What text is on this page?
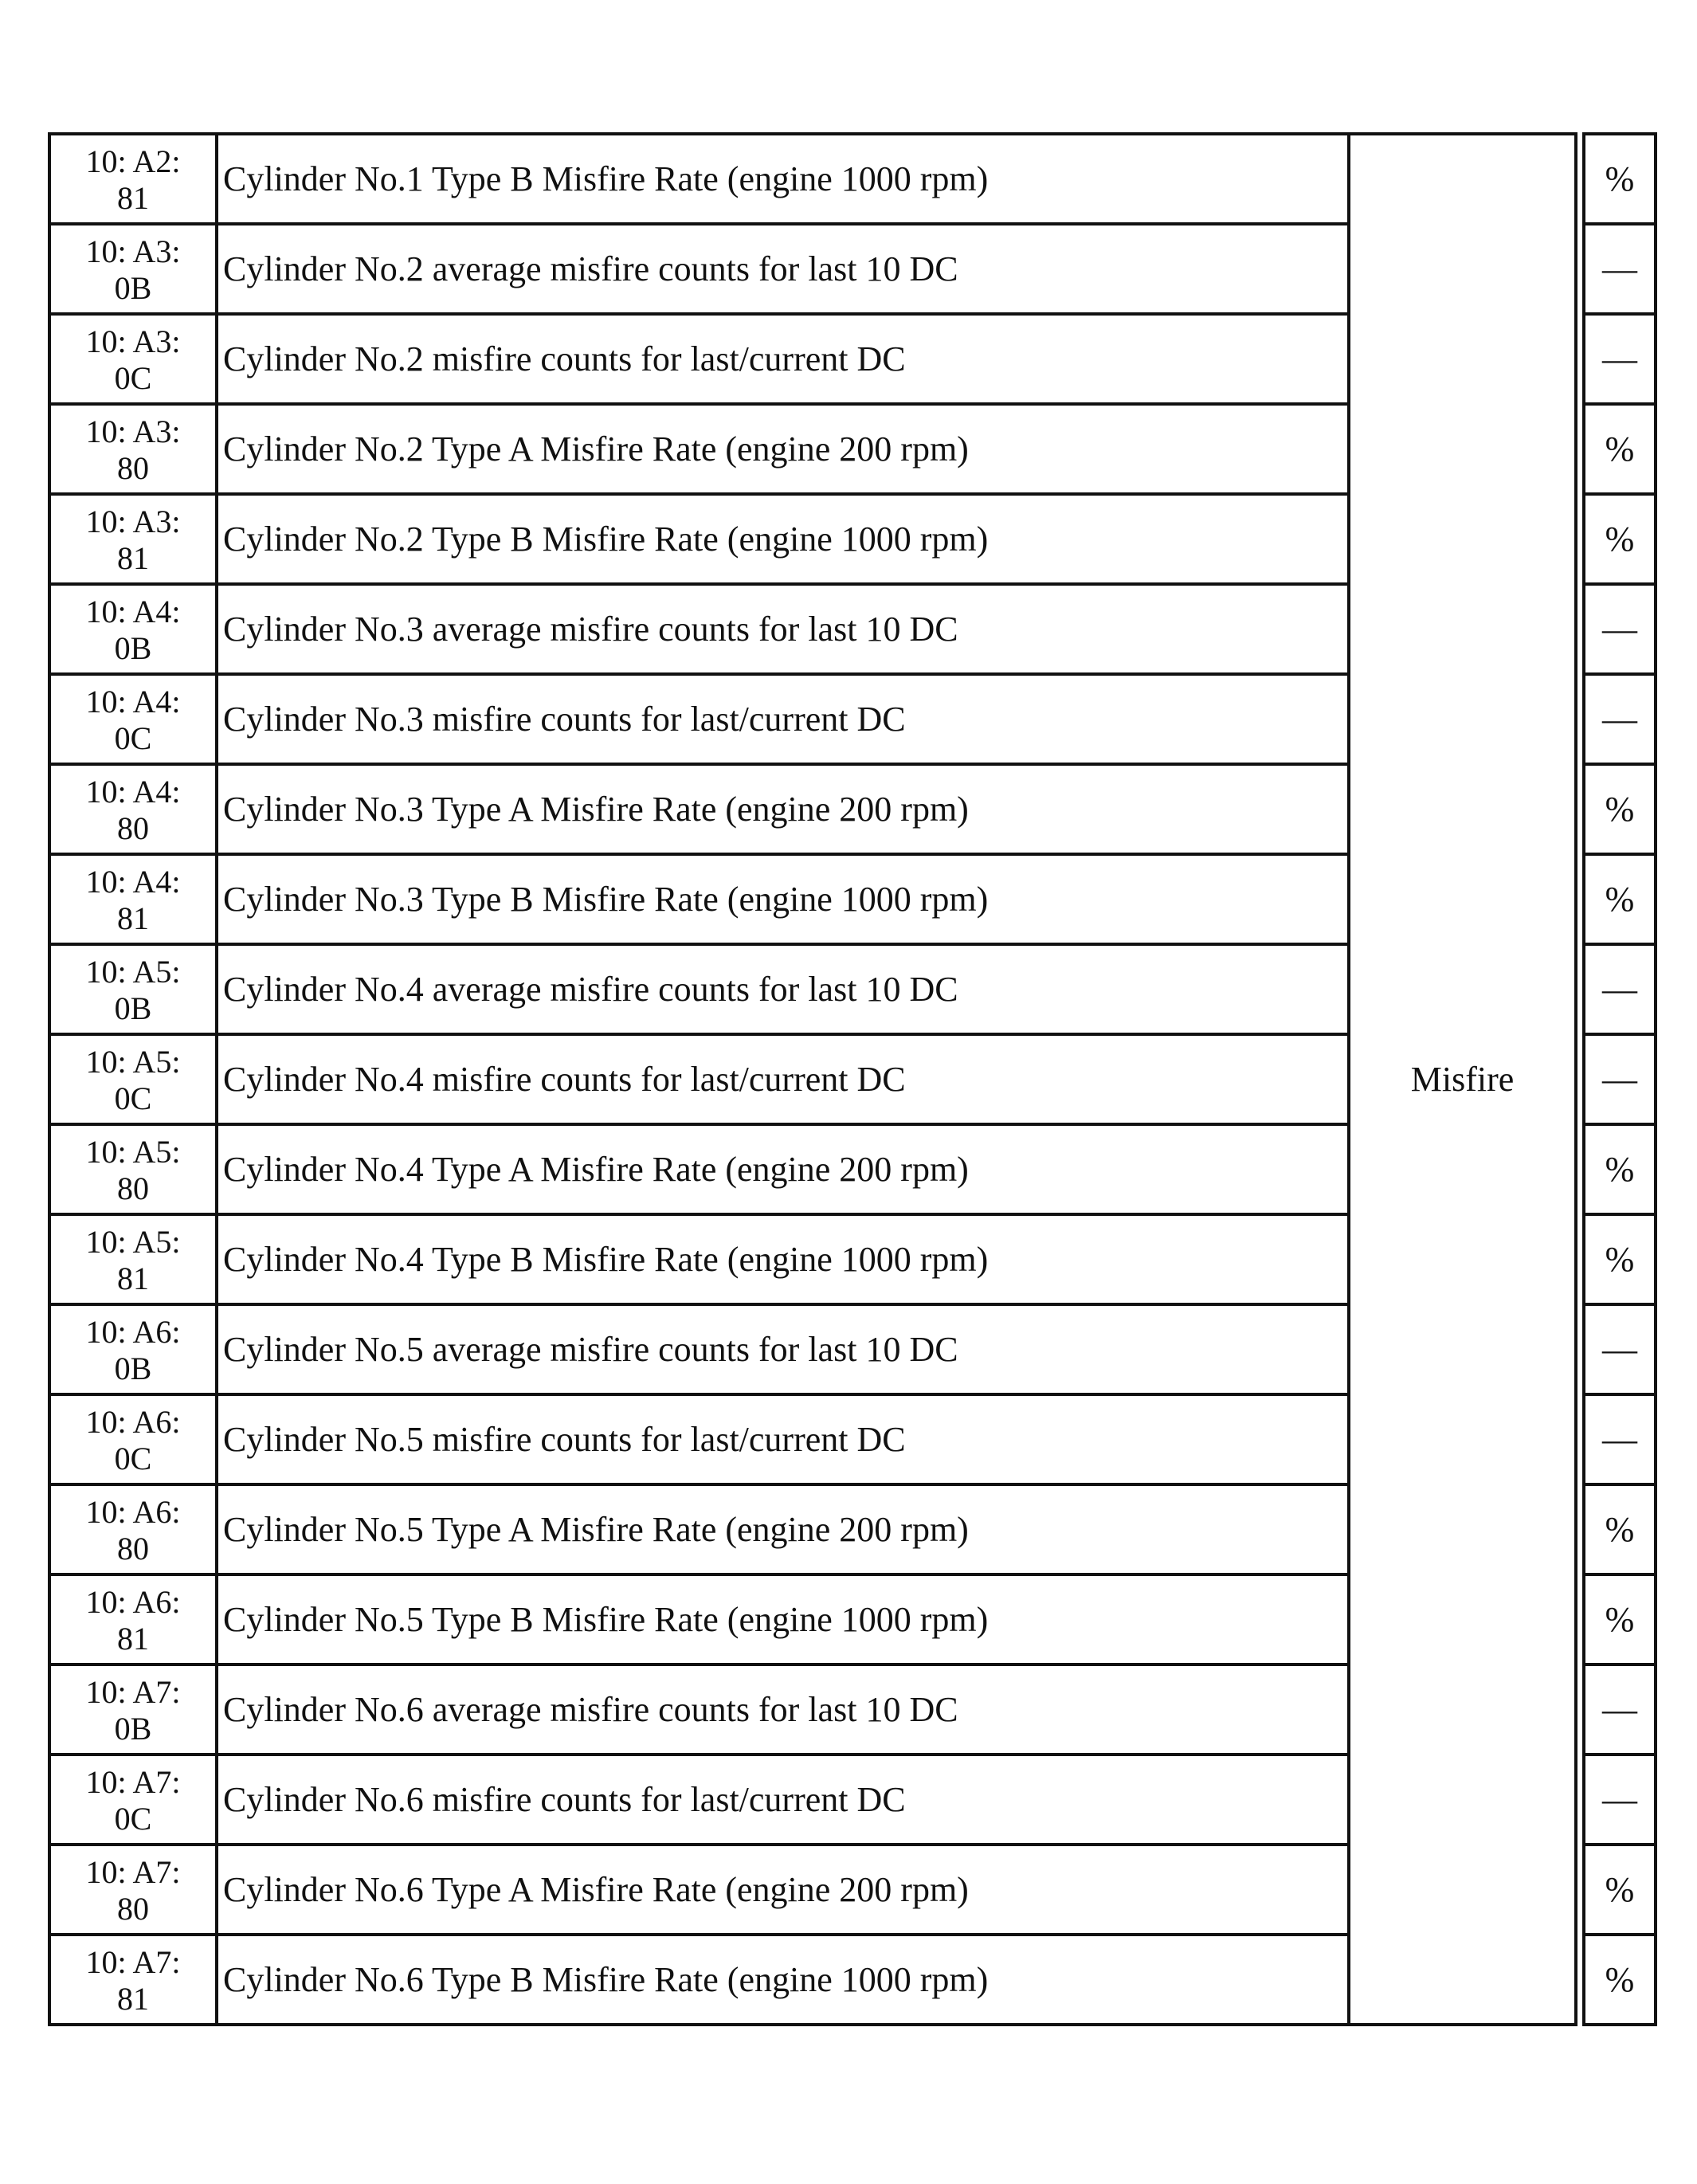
10: A2:
81	Cylinder No.1 Type B Misfire Rate (engine 1000 rpm)	Misfire		%

10: A3:
0B	Cylinder No.2 average misfire counts for last 10 DC			—

10: A3:
0C	Cylinder No.2 misfire counts for last/current DC			—

10: A3:
80	Cylinder No.2 Type A Misfire Rate (engine 200 rpm)			%

10: A3:
81	Cylinder No.2 Type B Misfire Rate (engine 1000 rpm)			%

10: A4:
0B	Cylinder No.3 average misfire counts for last 10 DC			—

10: A4:
0C	Cylinder No.3 misfire counts for last/current DC			—

10: A4:
80	Cylinder No.3 Type A Misfire Rate (engine 200 rpm)			%

10: A4:
81	Cylinder No.3 Type B Misfire Rate (engine 1000 rpm)			%

10: A5:
0B	Cylinder No.4 average misfire counts for last 10 DC			—

10: A5:
0C	Cylinder No.4 misfire counts for last/current DC			—

10: A5:
80	Cylinder No.4 Type A Misfire Rate (engine 200 rpm)			%

10: A5:
81	Cylinder No.4 Type B Misfire Rate (engine 1000 rpm)			%

10: A6:
0B	Cylinder No.5 average misfire counts for last 10 DC			—

10: A6:
0C	Cylinder No.5 misfire counts for last/current DC			—

10: A6:
80	Cylinder No.5 Type A Misfire Rate (engine 200 rpm)			%

10: A6:
81	Cylinder No.5 Type B Misfire Rate (engine 1000 rpm)			%

10: A7:
0B	Cylinder No.6 average misfire counts for last 10 DC			—

10: A7:
0C	Cylinder No.6 misfire counts for last/current DC			—

10: A7:
80	Cylinder No.6 Type A Misfire Rate (engine 200 rpm)			%

10: A7:
81	Cylinder No.6 Type B Misfire Rate (engine 1000 rpm)			%
